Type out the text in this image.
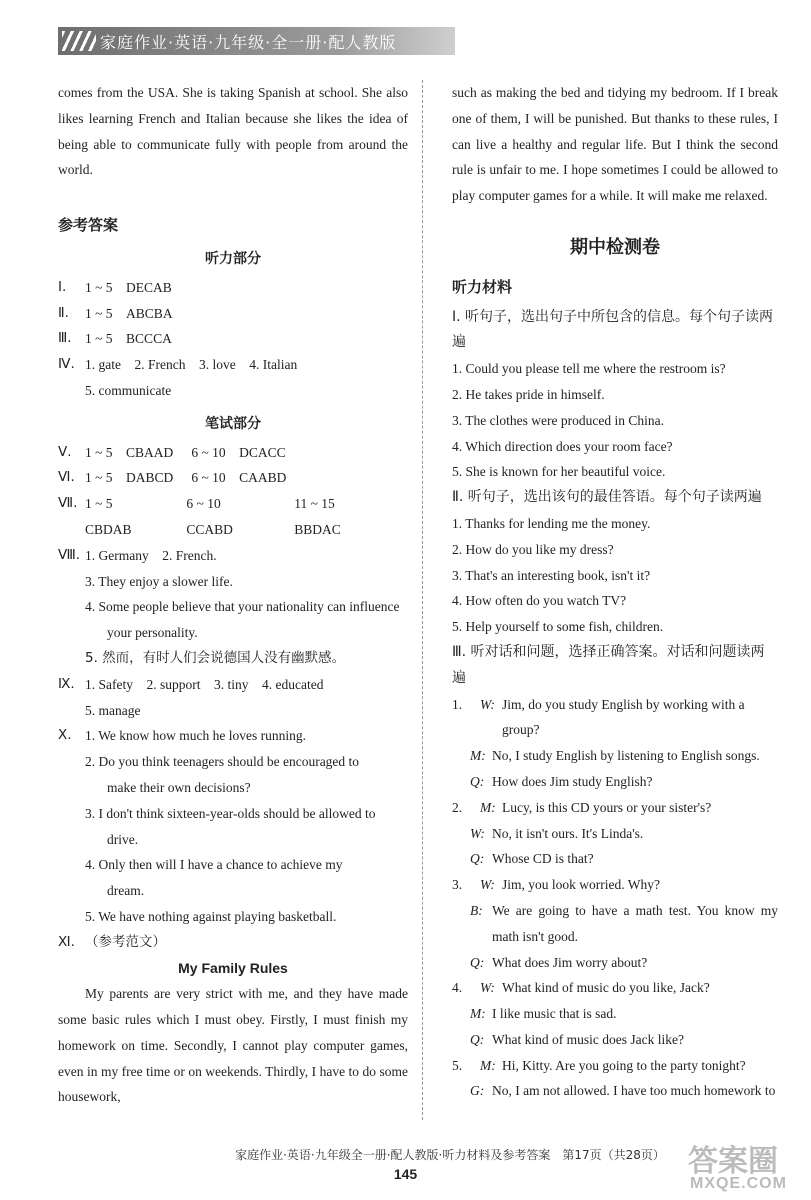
家庭作业·英语·九年级·全一册·配人教版

comes from the USA. She is taking Spanish at school. She also likes learning French and Italian because she likes the idea of being able to communicate fully with people from around the world.

参考答案
听力部分
Ⅰ.	1 ~ 5　DECAB
Ⅱ.	1 ~ 5　ABCBA
Ⅲ. 1 ~ 5　BCCCA
Ⅳ. 1. gate　2. French　3. love　4. Italian
5. communicate
笔试部分
Ⅴ. 1 ~ 5　CBAAD 6 ~ 10　DCACC
Ⅵ. 1 ~ 5　DABCD 6 ~ 10　CAABD
Ⅶ. 1 ~ 5　CBDAB
6 ~ 10　CCABD
11 ~ 15　BBDAC
Ⅷ. 1. Germany　2. French.
3. They enjoy a slower life.
4. Some people believe that your nationality can influence
your personality.
5. 然而，有时人们会说德国人没有幽默感。
Ⅸ. 1. Safety　2. support　3. tiny　4. educated
5. manage
Ⅹ. 1. We know how much he loves running.
2. Do you think teenagers should be encouraged to
make their own decisions?
3. I don't think sixteen-year-olds should be allowed to
drive.
4. Only then will I have a chance to achieve my
dream.
5. We have nothing against playing basketball.
Ⅺ. （参考范文）
My Family Rules

My parents are very strict with me, and they have made some basic rules which I must obey. Firstly, I must finish my homework on time. Secondly, I cannot play computer games, even in my free time or on weekends. Thirdly, I have to do some housework,

such as making the bed and tidying my bedroom. If I break one of them, I will be punished. But thanks to these rules, I can live a healthy and regular life. But I think the second rule is unfair to me. I hope sometimes I could be allowed to play computer games for a while. It will make me relaxed.

期中检测卷
听力材料
Ⅰ. 听句子，选出句子中所包含的信息。每个句子读两遍
1. Could you please tell me where the restroom is?
2. He takes pride in himself.
3. The clothes were produced in China.
4. Which direction does your room face?
5. She is known for her beautiful voice.
Ⅱ. 听句子，选出该句的最佳答语。每个句子读两遍
1. Thanks for lending me the money.
2. How do you like my dress?
3. That's an interesting book, isn't it?
4. How often do you watch TV?
5. Help yourself to some fish, children.
Ⅲ. 听对话和问题，选择正确答案。对话和问题读两遍
1.	W: Jim, do you study English by working with a group?
M: No, I study English by listening to English songs.
Q: How does Jim study English?
2.	M: Lucy, is this CD yours or your sister's?
W: No, it isn't ours. It's Linda's.
Q: Whose CD is that?
3.	W: Jim, you look worried. Why?
B: We are going to have a math test. You know my math isn't good.
Q: What does Jim worry about?
4.	W: What kind of music do you like, Jack?
M: I like music that is sad.
Q: What kind of music does Jack like?
5.	M: Hi, Kitty. Are you going to the party tonight?
G: No, I am not allowed. I have too much homework to
家庭作业·英语·九年级全一册·配人教版·听力材料及参考答案　第17页（共28页）
145	答案圈
MXQE.COM
